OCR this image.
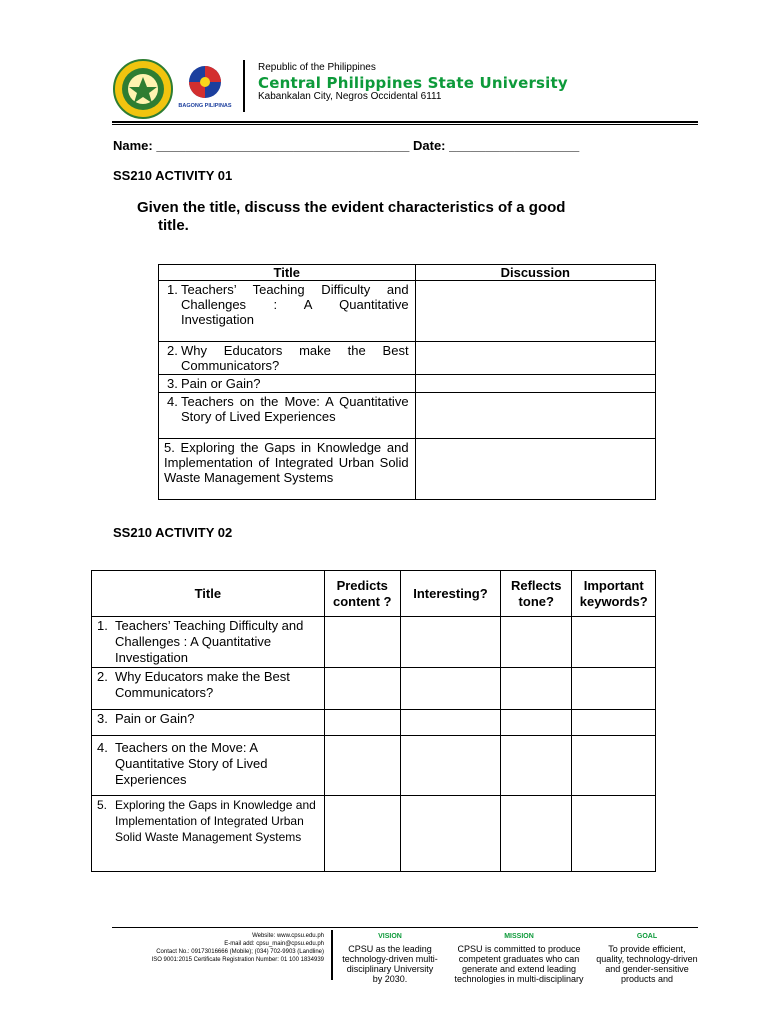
BAGONG PILIPINAS
Republic of the Philippines
Central Philippines State University
Kabankalan City, Negros Occidental 6111
Name: ___________________________________ Date: __________________
SS210 ACTIVITY 01
Given the title, discuss the evident characteristics of a good
title.
Title	Discussion

1. Teachers’ Teaching Difficulty and Challenges : A Quantitative Investigation	

2. Why Educators make the Best Communicators?	

3. Pain or Gain?	

4. Teachers on the Move: A Quantitative Story of Lived Experiences	

5. Exploring the Gaps in Knowledge and Implementation of Integrated Urban Solid Waste Management Systems	

SS210 ACTIVITY 02
Title	Predicts content ?	Interesting?	Reflects tone?	Important keywords?

1. Teachers’ Teaching Difficulty and Challenges : A Quantitative Investigation				

2. Why Educators make the Best Communicators?				

3. Pain or Gain?				

4. Teachers on the Move: A Quantitative Story of Lived Experiences				

5. Exploring the Gaps in Knowledge and Implementation of Integrated Urban Solid Waste Management Systems				

Website: www.cpsu.edu.ph
E-mail add: cpsu_main@cpsu.edu.ph
Contact No.: 09173016666 (Mobile); (034) 702-9903 (Landline)
ISO 9001:2015 Certificate Registration Number: 01 100 1834939
VISION
CPSU as the leading technology-driven multi-disciplinary University by 2030.
MISSION
CPSU is committed to produce competent graduates who can generate and extend leading technologies in multi-disciplinary
GOAL
To provide efficient, quality, technology-driven and gender-sensitive products and
